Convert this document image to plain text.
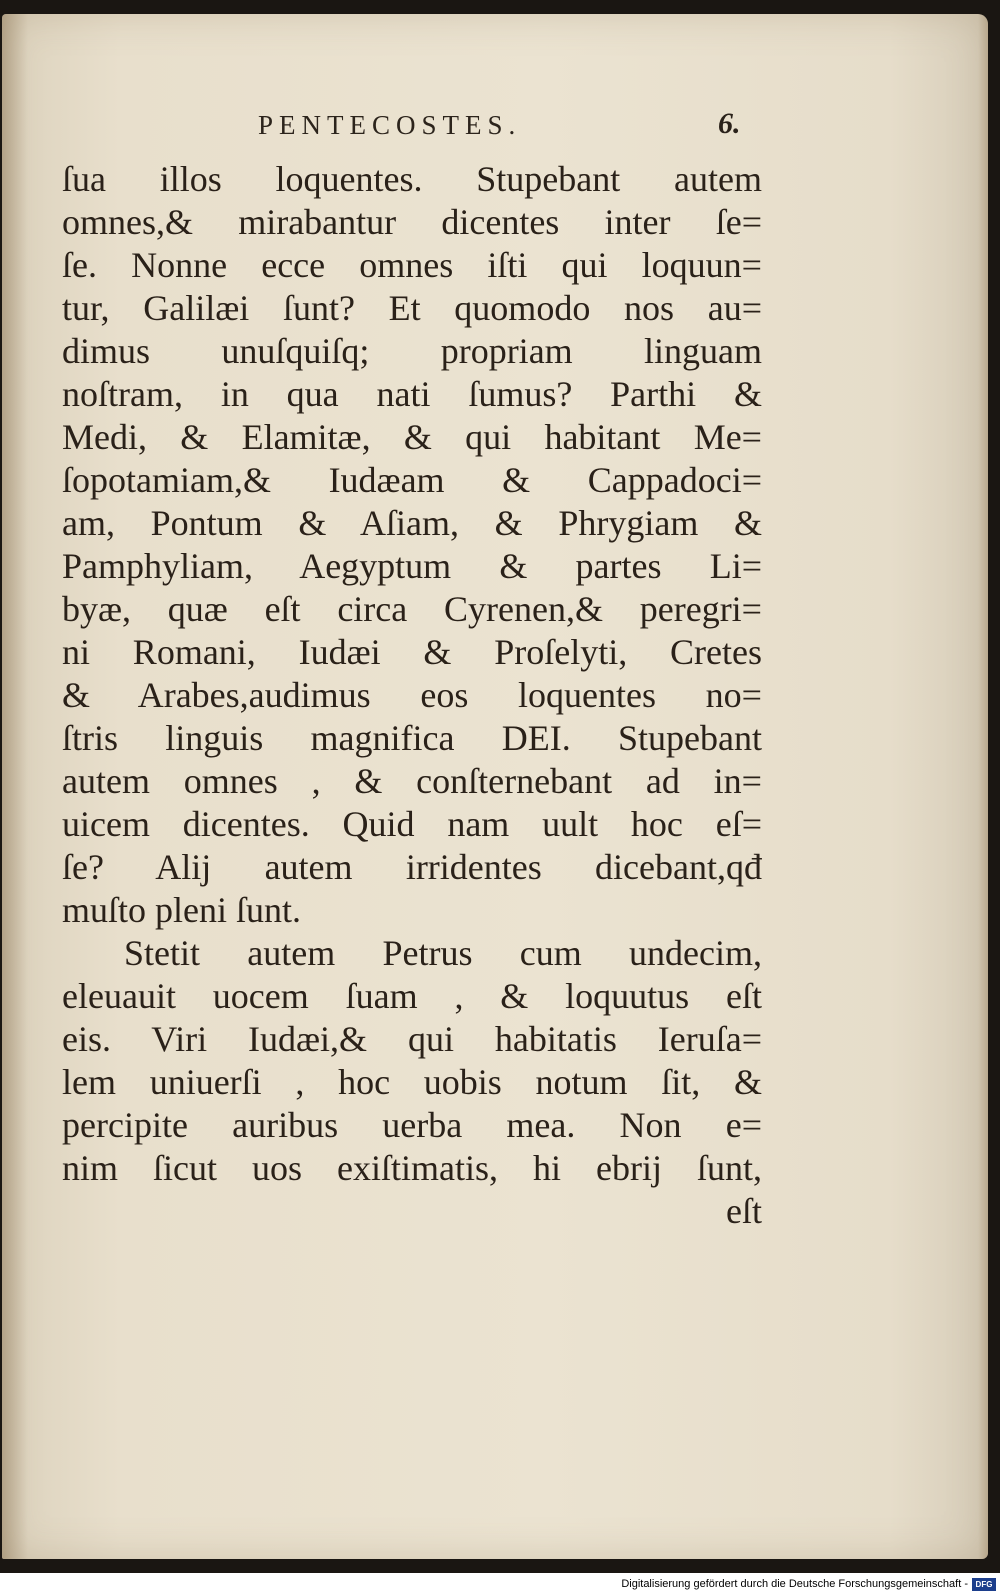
PENTECOSTES.	6.
ſua illos loquentes. Stupebant autem
omnes,& mirabantur dicentes inter ſe=
ſe. Nonne ecce omnes iſti qui loquun=
tur, Galilæi ſunt? Et quomodo nos au=
dimus unuſquiſq; propriam linguam
noſtram, in qua nati ſumus? Parthi &
Medi, & Elamitæ, & qui habitant Me=
ſopotamiam,& Iudæam & Cappadoci=
am, Pontum & Aſiam, & Phrygiam &
Pamphyliam, Aegyptum & partes Li=
byæ, quæ eſt circa Cyrenen,& peregri=
ni Romani, Iudæi & Proſelyti, Cretes
& Arabes,audimus eos loquentes no=
ſtris linguis magnifica DEI. Stupebant
autem omnes , & conſternebant ad in=
uicem dicentes. Quid nam uult hoc eſ=
ſe? Alij autem irridentes dicebant,qđ
muſto pleni ſunt.
Stetit autem Petrus cum undecim,
eleuauit uocem ſuam , & loquutus eſt
eis. Viri Iudæi,& qui habitatis Ieruſa=
lem uniuerſi , hoc uobis notum ſit, &
percipite auribus uerba mea. Non e=
nim ſicut uos exiſtimatis, hi ebrij ſunt,
eſt
Digitalisierung gefördert durch die Deutsche Forschungsgemeinschaft - DFG
